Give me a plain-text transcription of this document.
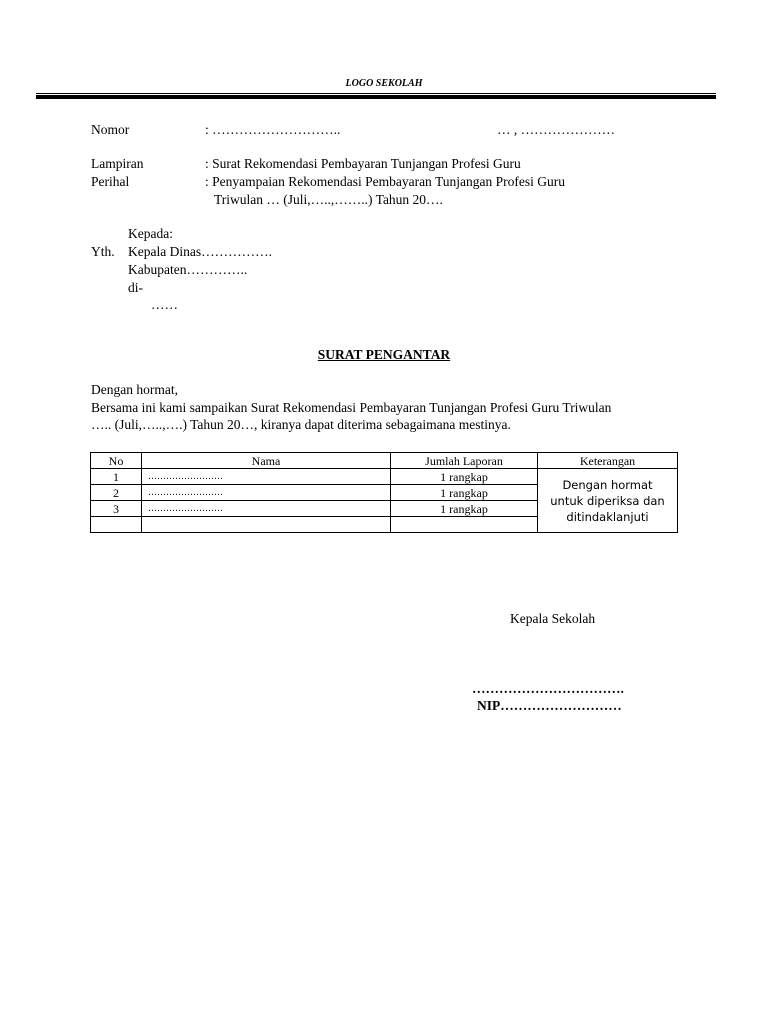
LOGO SEKOLAH
Nomor	: ………………………..	… , …………………
Lampiran	: Surat Rekomendasi Pembayaran Tunjangan Profesi Guru
Perihal	: Penyampaian Rekomendasi Pembayaran Tunjangan Profesi Guru
Triwulan … (Juli,…..,……..) Tahun 20….
Kepada:
Yth. Kepala Dinas…………….
Kabupaten…………..
di-
……
SURAT PENGANTAR
Dengan hormat,
Bersama ini kami sampaikan Surat Rekomendasi Pembayaran Tunjangan Profesi Guru Triwulan
….. (Juli,…..,….) Tahun 20…, kiranya dapat diterima sebagaimana mestinya.
No	Nama	Jumlah Laporan	Keterangan
1	…………………….	1 rangkap	Dengan hormat untuk diperiksa dan ditindaklanjuti
2	…………………….	1 rangkap	
3	…………………….	1 rangkap	

Kepala Sekolah
…………………………….
NIP………………………
